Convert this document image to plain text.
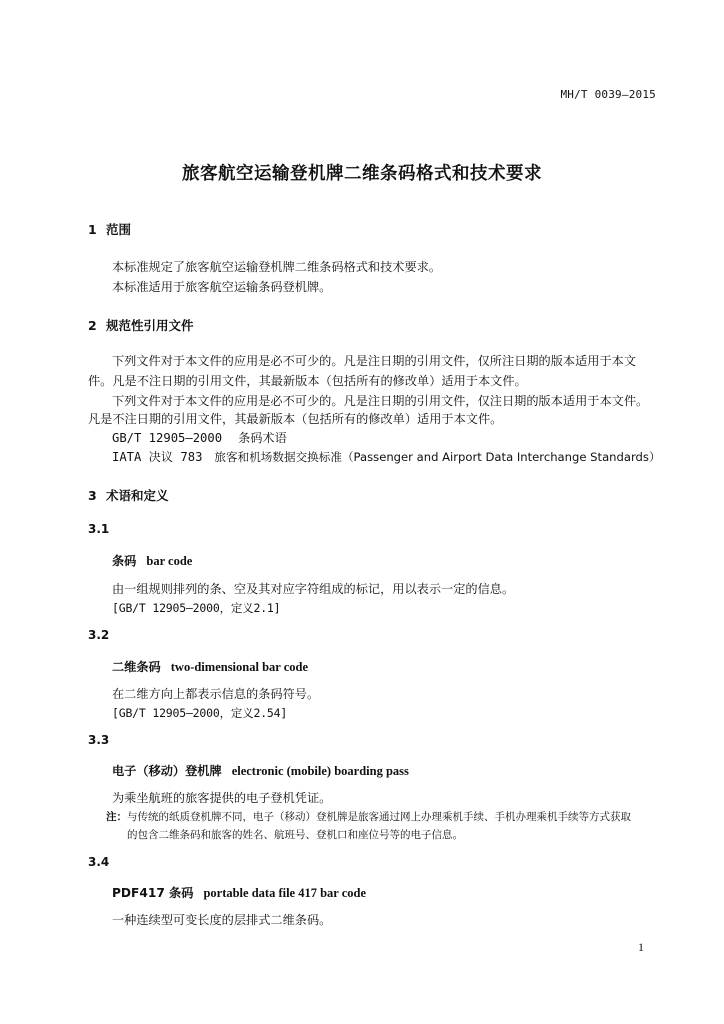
MH/T 0039—2015
旅客航空运输登机牌二维条码格式和技术要求
1 范围
本标准规定了旅客航空运输登机牌二维条码格式和技术要求。
本标准适用于旅客航空运输条码登机牌。
2 规范性引用文件
下列文件对于本文件的应用是必不可少的。凡是注日期的引用文件，仅所注日期的版本适用于本文
件。凡是不注日期的引用文件，其最新版本（包括所有的修改单）适用于本文件。
下列文件对于本文件的应用是必不可少的。凡是注日期的引用文件，仅注日期的版本适用于本文件。
凡是不注日期的引用文件，其最新版本（包括所有的修改单）适用于本文件。
GB/T 12905—2000 条码术语
IATA 决议 783 旅客和机场数据交换标准（Passenger and Airport Data Interchange Standards）
3 术语和定义
3.1
条码 bar code
由一组规则排列的条、空及其对应字符组成的标记，用以表示一定的信息。
[GB/T 12905—2000，定义2.1]
3.2
二维条码 two-dimensional bar code
在二维方向上都表示信息的条码符号。
[GB/T 12905—2000，定义2.54]
3.3
电子（移动）登机牌 electronic (mobile) boarding pass
为乘坐航班的旅客提供的电子登机凭证。
注：与传统的纸质登机牌不同，电子（移动）登机牌是旅客通过网上办理乘机手续、手机办理乘机手续等方式获取
的包含二维条码和旅客的姓名、航班号、登机口和座位号等的电子信息。
3.4
PDF417 条码 portable data file 417 bar code
一种连续型可变长度的层排式二维条码。
1
